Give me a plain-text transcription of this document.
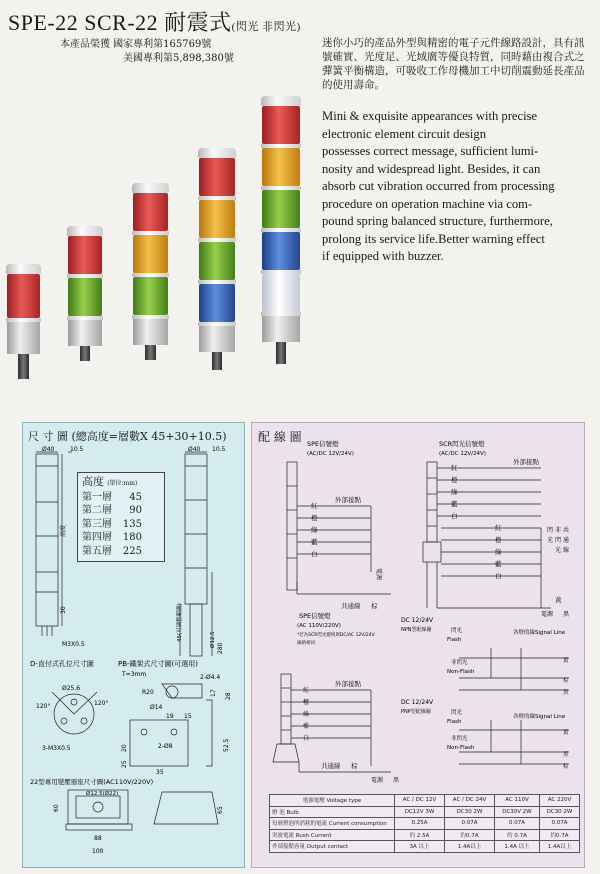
SPE-22 SCR-22 耐震式(閃光 非閃光)
本產品榮獲 國家專利第165769號
美國專利第5,898,380號
迷你小巧的產品外型與精密的電子元件線路設計，具有訊號確實、光度足、光域廣等優良特質，同時藉由複合式之彈簧平衡構造，可吸收工作母機加工中切削震動延長產品的使用壽命。

Mini & exquisite appearances with precise

electronic element circuit design

possesses correct message, sufficient lumi-

nosity and widespread light. Besides, it can

absorb cut vibration occurred from processing

procedure on operation machine via com-

pound spring balanced structure, furthermore,

prolong its service life.Better warning effect

if equipped with buzzer.

尺 寸 圖 (總高度=層數X 45+30+10.5)
Ø40	10.5
高度
30
M3X0.5
Ø40 10.5
45(可調整範圍)
280
Ø12.5
D-直付式孔位尺寸圖
Ø25.6
120°	120°
3-M3X0.5
PB-鐵架式尺寸圖(可選用)
T=3mm
R20
2-Ø4.4
Ø14
19 15
17 28
2-Ø8
20
25
35
52.5
22型專用變壓器座尺寸圖(AC110V/220V)
Ø12.5(Ø22)
60	65
88
100
高度 (單位:mm)
第一層 45
第二層 90
第三層 135
第四層 180
第五層 225
配 線 圖 SPE信號燈
(AC/DC 12V/24V)
SCR閃光信號燈
(AC/DC 12V/24V)
紅
橙
綠
藍
白
外部接點
電源
共通線 棕
紅
橙
綠
藍
白
紅
橙
綠
藍
白
外部接點
閃
光
非
閃
光
共
通
線
黃
電源 黑
SPE信號燈
(AC 110V/220V)
*若為SCR閃光燈則與DC/AC 12V/24V
線路相同
外部接點
紅
橙
綠
藍
白
共通線 棕
電源 黑
DC 12/24V
NPN型配線圖	閃光
Flash
非閃光
Non-Flash
各燈的線Signal Line
黃
棕
黑
DC 12/24V
PNP型配線圖	閃光
Flash
非閃光
Non-Flash
各燈的線Signal Line
黃
黑
棕
電源電壓 Voltage type	AC / DC 12V	AC / DC 24V	AC 110V	AC 220V
燈 泡 Bulb	DC12V 3W	DC30 2W	DC30V 2W	DC30 2W
每層燈泡所消耗的電流 Current consumption	0.25A	0.07A	0.07A	0.07A
突波電流 Rush Current	約 2.5A	約0.7A	約 0.7A	約0.7A
外部接點容量 Output contact	3A 以上	1.4A以上	1.4A 以上	1.4A以上
